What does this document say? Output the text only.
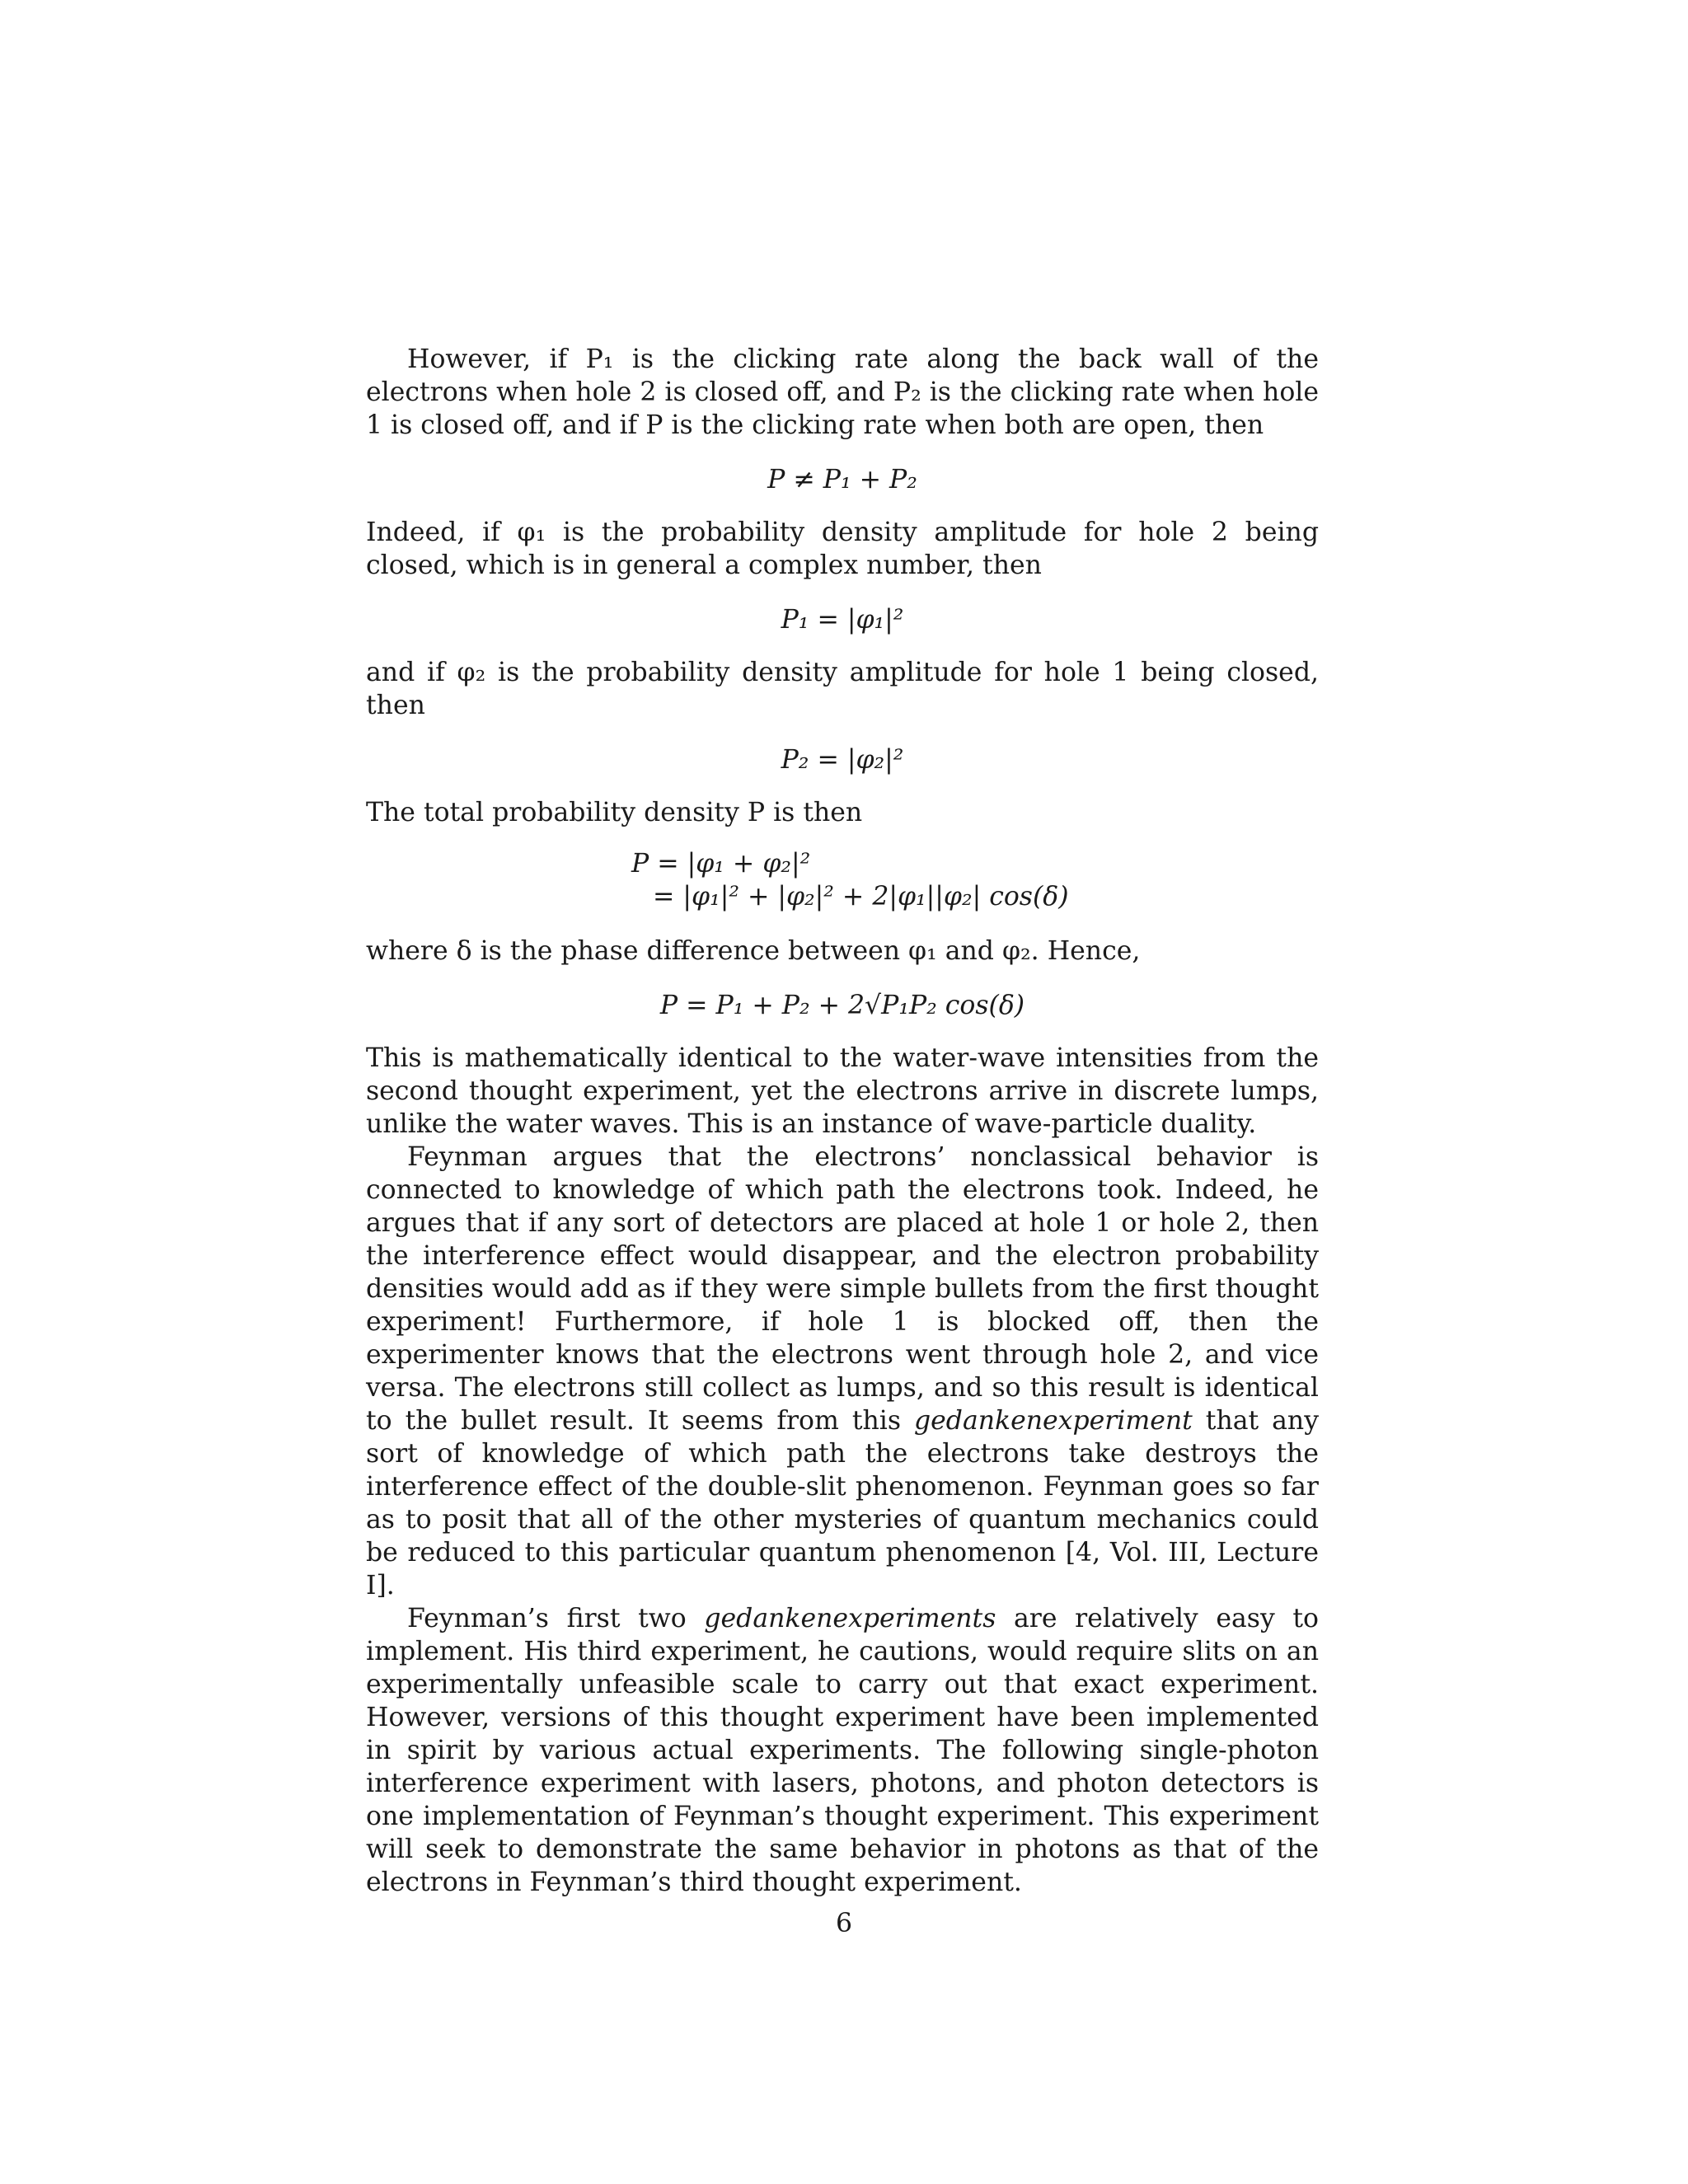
However, if P₁ is the clicking rate along the back wall of the electrons when hole 2 is closed off, and P₂ is the clicking rate when hole 1 is closed off, and if P is the clicking rate when both are open, then

P ≠ P₁ + P₂

Indeed, if φ₁ is the probability density amplitude for hole 2 being closed, which is in general a complex number, then

P₁ = |φ₁|²

and if φ₂ is the probability density amplitude for hole 1 being closed, then

P₂ = |φ₂|²

The total probability density P is then

P = |φ₁ + φ₂|²
= |φ₁|² + |φ₂|² + 2|φ₁||φ₂| cos(δ)

where δ is the phase difference between φ₁ and φ₂. Hence,

P = P₁ + P₂ + 2√P₁P₂ cos(δ)

This is mathematically identical to the water-wave intensities from the second thought experiment, yet the electrons arrive in discrete lumps, unlike the water waves. This is an instance of wave-particle duality.

Feynman argues that the electrons’ nonclassical behavior is connected to knowledge of which path the electrons took. Indeed, he argues that if any sort of detectors are placed at hole 1 or hole 2, then the interference effect would disappear, and the electron probability densities would add as if they were simple bullets from the first thought experiment! Furthermore, if hole 1 is blocked off, then the experimenter knows that the electrons went through hole 2, and vice versa. The electrons still collect as lumps, and so this result is identical to the bullet result. It seems from this gedankenexperiment that any sort of knowledge of which path the electrons take destroys the interference effect of the double-slit phenomenon. Feynman goes so far as to posit that all of the other mysteries of quantum mechanics could be reduced to this particular quantum phenomenon [4, Vol. III, Lecture I].

Feynman’s first two gedankenexperiments are relatively easy to implement. His third experiment, he cautions, would require slits on an experimentally unfeasible scale to carry out that exact experiment. However, versions of this thought experiment have been implemented in spirit by various actual experiments. The following single-photon interference experiment with lasers, photons, and photon detectors is one implementation of Feynman’s thought experiment. This experiment will seek to demonstrate the same behavior in photons as that of the electrons in Feynman’s third thought experiment.

6
